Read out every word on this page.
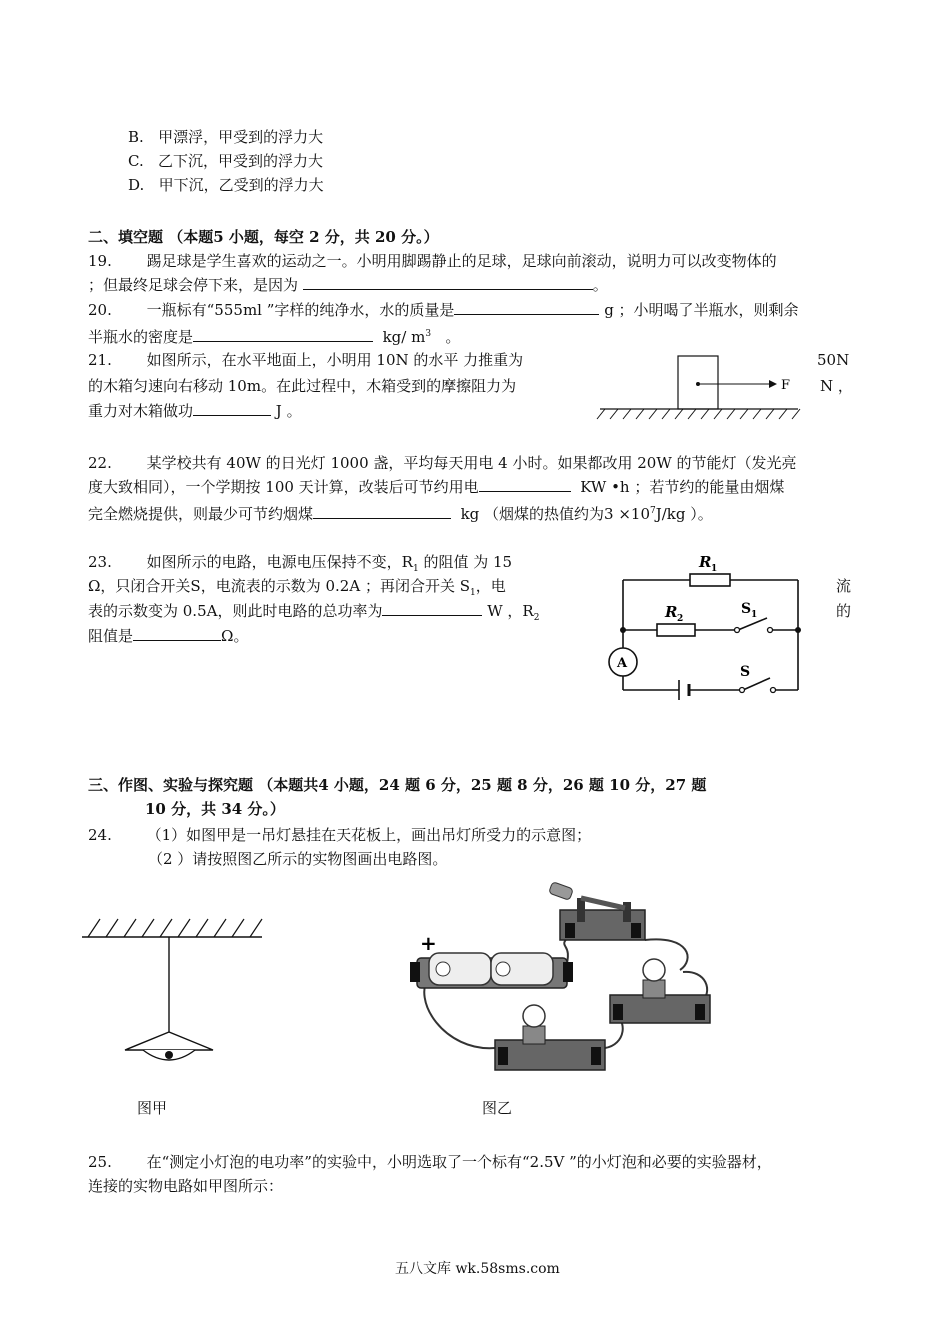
B. 甲漂浮，甲受到的浮力大
C. 乙下沉，甲受到的浮力大
D. 甲下沉，乙受到的浮力大
二、填空题 （本题5 小题，每空 2 分，共 20 分。）
19. 踢足球是学生喜欢的运动之一。小明用脚踢静止的足球，足球向前滚动，说明力可以改变物体的
；但最终足球会停下来，是因为	。
20. 一瓶标有“555ml ”字样的纯净水，水的质量是	g ；小明喝了半瓶水，则剩余
半瓶水的密度是	kg/ $m^3$ 。
21. 如图所示，在水平地面上，小明用 10N 的水平 力推重为	50N
的木箱匀速向右移动 10m。在此过程中，木箱受到的摩擦阻力为	N ，
重力对木箱做功	J 。
F
22. 某学校共有 40W 的日光灯 1000 盏，平均每天用电 4 小时。如果都改用 20W 的节能灯（发光亮
度大致相同），一个学期按 100 天计算，改装后可节约用电	KW •h ；若节约的能量由烟煤
完全燃烧提供，则最少可节约烟煤	kg （烟煤的热值约为$3 \times 10^7J/kg$ ）。
23. 如图所示的电路，电源电压保持不变，$R_1$ 的阻值 为 15
Ω，只闭合开关S，电流表的示数为 0.2A ；再闭合开关 $S_1$，电	流
表的示数变为 0.5A，则此时电路的总功率为	W ，$R_2$	的
阻值是	Ω。
A
R 1
R 2
S 1
S
三、作图、实验与探究题 （本题共4 小题，24 题 6 分，25 题 8 分，26 题 10 分，27 题
10 分，共 34 分。）
24. （1）如图甲是一吊灯悬挂在天花板上，画出吊灯所受力的示意图；
（2 ）请按照图乙所示的实物图画出电路图。
图甲
+
图乙
25. 在“测定小灯泡的电功率”的实验中，小明选取了一个标有“2.5V ”的小灯泡和必要的实验器材，
连接的实物电路如甲图所示：
五八文库 wk.58sms.com
